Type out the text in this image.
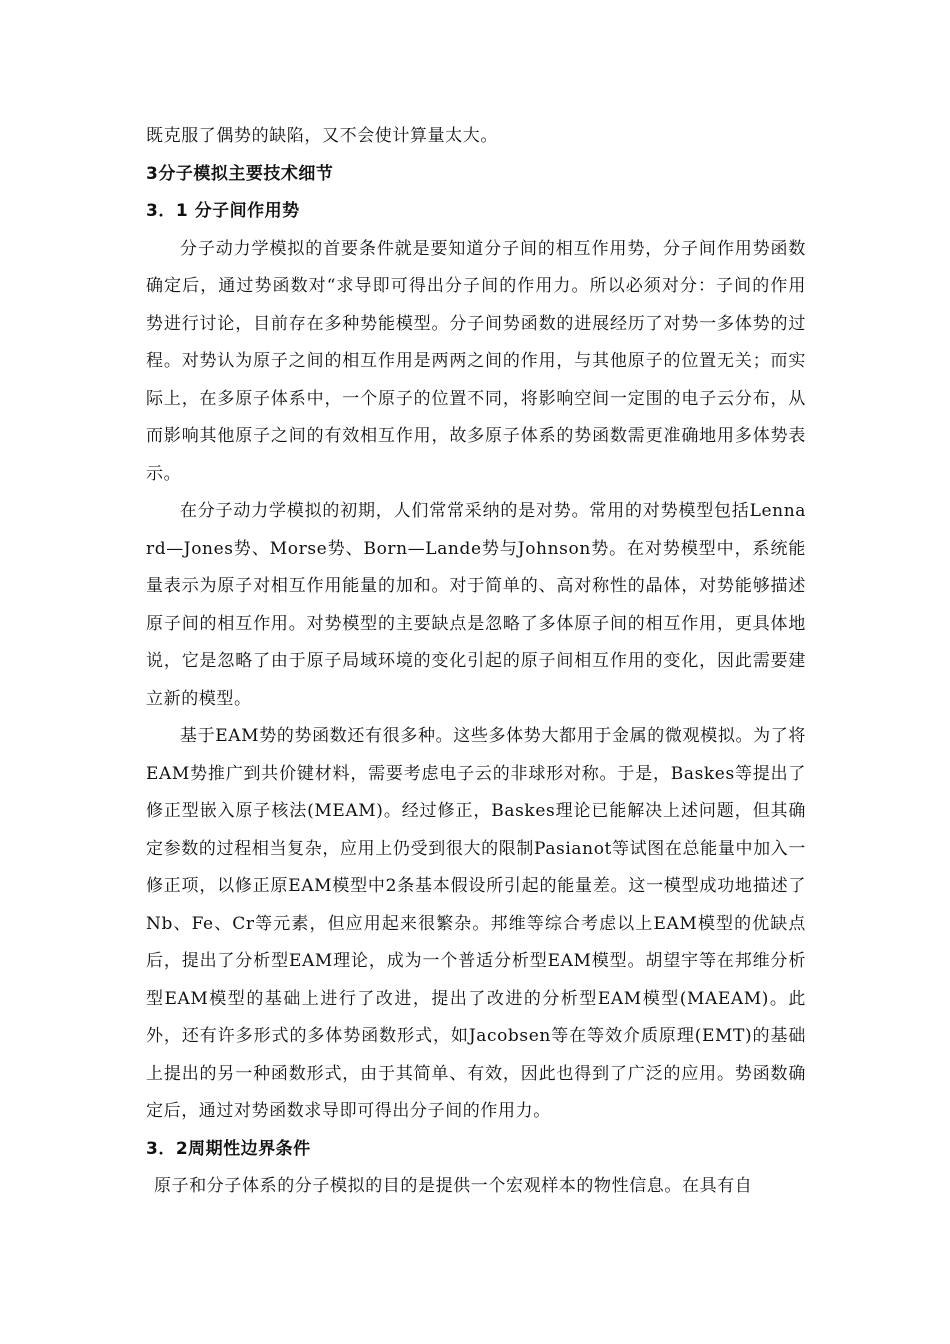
既克服了偶势的缺陷，又不会使计算量太大。

3分子模拟主要技术细节

3．1 分子间作用势

分子动力学模拟的首要条件就是要知道分子间的相互作用势，分子间作用势函数确定后，通过势函数对“求导即可得出分子间的作用力。所以必须对分：子间的作用势进行讨论，目前存在多种势能模型。分子间势函数的进展经历了对势一多体势的过程。对势认为原子之间的相互作用是两两之间的作用，与其他原子的位置无关；而实际上，在多原子体系中，一个原子的位置不同，将影响空间一定围的电子云分布，从而影响其他原子之间的有效相互作用，故多原子体系的势函数需更准确地用多体势表示。

在分子动力学模拟的初期，人们常常采纳的是对势。常用的对势模型包括Lennard—Jones势、Morse势、Born—Lande势与Johnson势。在对势模型中，系统能量表示为原子对相互作用能量的加和。对于简单的、高对称性的晶体，对势能够描述原子间的相互作用。对势模型的主要缺点是忽略了多体原子间的相互作用，更具体地说，它是忽略了由于原子局域环境的变化引起的原子间相互作用的变化，因此需要建立新的模型。

基于EAM势的势函数还有很多种。这些多体势大都用于金属的微观模拟。为了将EAM势推广到共价键材料，需要考虑电子云的非球形对称。于是，Baskes等提出了修正型嵌入原子核法(MEAM)。经过修正，Baskes理论已能解决上述问题，但其确定参数的过程相当复杂，应用上仍受到很大的限制Pasianot等试图在总能量中加入一修正项，以修正原EAM模型中2条基本假设所引起的能量差。这一模型成功地描述了Nb、Fe、Cr等元素，但应用起来很繁杂。邦维等综合考虑以上EAM模型的优缺点后，提出了分析型EAM理论，成为一个普适分析型EAM模型。胡望宇等在邦维分析型EAM模型的基础上进行了改进，提出了改进的分析型EAM模型(MAEAM)。此外，还有许多形式的多体势函数形式，如Jacobsen等在等效介质原理(EMT)的基础上提出的另一种函数形式，由于其简单、有效，因此也得到了广泛的应用。势函数确定后，通过对势函数求导即可得出分子间的作用力。

3．2周期性边界条件

原子和分子体系的分子模拟的目的是提供一个宏观样本的物性信息。在具有自
